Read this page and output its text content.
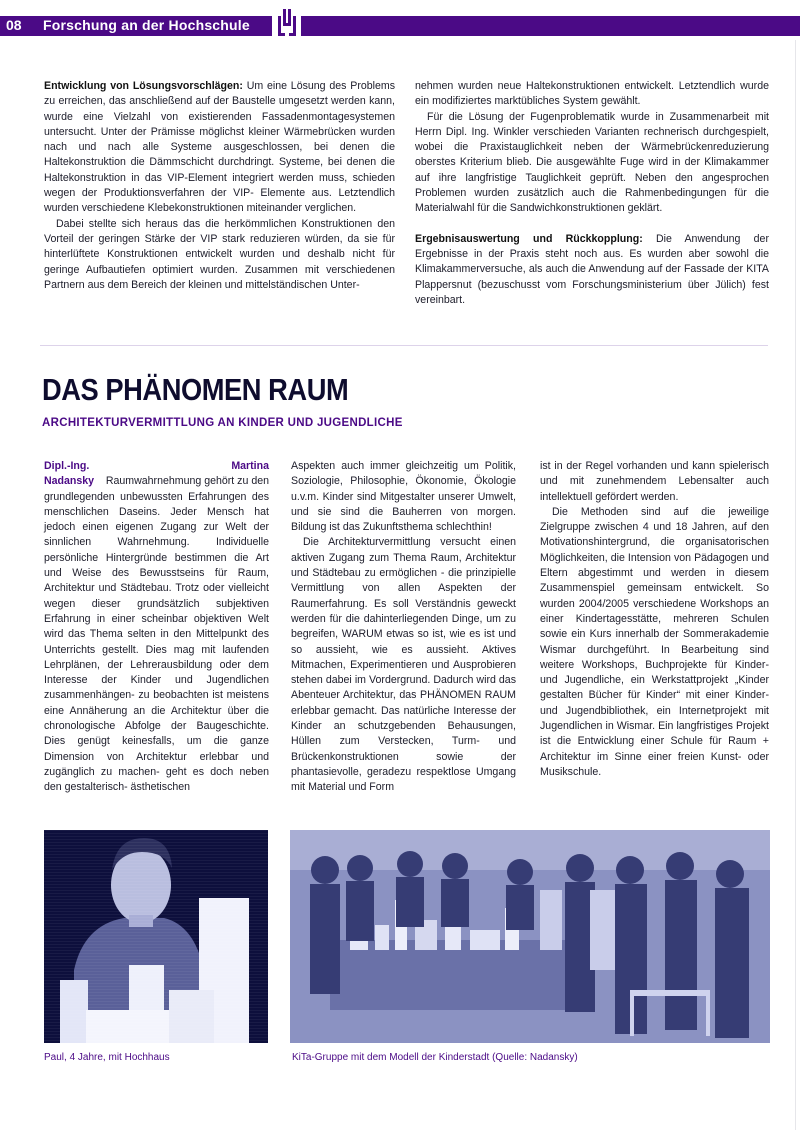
08 Forschung an der Hochschule

Entwicklung von Lösungsvorschlägen: Um eine Lösung des Problems zu erreichen, das anschließend auf der Baustelle umgesetzt werden kann, wurde eine Vielzahl von existierenden Fassadenmontagesystemen untersucht. Unter der Prämisse möglichst kleiner Wärmebrücken wurden nach und nach alle Systeme ausgeschlossen, bei denen die Haltekonstruktion die Dämmschicht durchdringt. Systeme, bei denen die Haltekonstruktion in das VIP-Element integriert werden muss, schieden wegen der Produktionsverfahren der VIP- Elemente aus. Letztendlich wurden verschiedene Klebekonstruktionen miteinander verglichen.

Dabei stellte sich heraus das die herkömmlichen Konstruktionen den Vorteil der geringen Stärke der VIP stark reduzieren würden, da sie für hinterlüftete Konstruktionen entwickelt wurden und deshalb nicht für geringe Aufbautiefen optimiert wurden. Zusammen mit verschiedenen Partnern aus dem Bereich der kleinen und mittelständischen Unter-

nehmen wurden neue Haltekonstruktionen entwickelt. Letztendlich wurde ein modifiziertes marktübliches System gewählt.

Für die Lösung der Fugenproblematik wurde in Zusammenarbeit mit Herrn Dipl. Ing. Winkler verschieden Varianten rechnerisch durchgespielt, wobei die Praxistauglichkeit neben der Wärmebrückenreduzierung oberstes Kriterium blieb. Die ausgewählte Fuge wird in der Klimakammer auf ihre langfristige Tauglichkeit geprüft. Neben den angesprochen Problemen wurden zusätzlich auch die Rahmenbedingungen für die Materialwahl für die Sandwichkonstruktionen geklärt.

Ergebnisauswertung und Rückkopplung: Die Anwendung der Ergebnisse in der Praxis steht noch aus. Es wurden aber sowohl die Klimakammerversuche, als auch die Anwendung auf der Fassade der KITA Plappersnut (bezuschusst vom Forschungsministerium über Jülich) fest vereinbart.

DAS PHÄNOMEN RAUM
ARCHITEKTURVERMITTLUNG AN KINDER UND JUGENDLICHE

Dipl.-Ing. Martina Nadansky Raumwahrnehmung gehört zu den grundlegenden unbewussten Erfahrungen des menschlichen Daseins. Jeder Mensch hat jedoch einen eigenen Zugang zur Welt der sinnlichen Wahrnehmung. Individuelle persönliche Hintergründe bestimmen die Art und Weise des Bewusstseins für Raum, Architektur und Städtebau. Trotz oder vielleicht wegen dieser grundsätzlich subjektiven Erfahrung in einer scheinbar objektiven Welt wird das Thema selten in den Mittelpunkt des Unterrichts gestellt. Dies mag mit laufenden Lehrplänen, der Lehrerausbildung oder dem Interesse der Kinder und Jugendlichen zusammenhängen- zu beobachten ist meistens eine Annäherung an die Architektur über die chronologische Abfolge der Baugeschichte. Dies genügt keinesfalls, um die ganze Dimension von Architektur erlebbar und zugänglich zu machen- geht es doch neben den gestalterisch- ästhetischen

Aspekten auch immer gleichzeitig um Politik, Soziologie, Philosophie, Ökonomie, Ökologie u.v.m. Kinder sind Mitgestalter unserer Umwelt, und sie sind die Bauherren von morgen. Bildung ist das Zukunftsthema schlechthin!

Die Architekturvermittlung versucht einen aktiven Zugang zum Thema Raum, Architektur und Städtebau zu ermöglichen - die prinzipielle Vermittlung von allen Aspekten der Raumerfahrung. Es soll Verständnis geweckt werden für die dahinterliegenden Dinge, um zu begreifen, WARUM etwas so ist, wie es ist und so aussieht, wie es aussieht. Aktives Mitmachen, Experimentieren und Ausprobieren stehen dabei im Vordergrund. Dadurch wird das Abenteuer Architektur, das PHÄNOMEN RAUM erlebbar gemacht. Das natürliche Interesse der Kinder an schutzgebenden Behausungen, Hüllen zum Verstecken, Turm- und Brückenkonstruktionen sowie der phantasievolle, geradezu respektlose Umgang mit Material und Form

ist in der Regel vorhanden und kann spielerisch und mit zunehmendem Lebensalter auch intellektuell gefördert werden.

Die Methoden sind auf die jeweilige Zielgruppe zwischen 4 und 18 Jahren, auf den Motivationshintergrund, die organisatorischen Möglichkeiten, die Intension von Pädagogen und Eltern abgestimmt und werden in diesem Zusammenspiel gemeinsam entwickelt. So wurden 2004/2005 verschiedene Workshops an einer Kindertagesstätte, mehreren Schulen sowie ein Kurs innerhalb der Sommerakademie Wismar durchgeführt. In Bearbeitung sind weitere Workshops, Buchprojekte für Kinder- und Jugendliche, ein Werkstattprojekt „Kinder gestalten Bücher für Kinder“ mit einer Kinder- und Jugendbibliothek, ein Internetprojekt mit Jugendlichen in Wismar. Ein langfristiges Projekt ist die Entwicklung einer Schule für Raum + Architektur im Sinne einer freien Kunst- oder Musikschule.

Paul, 4 Jahre, mit Hochhaus	KiTa-Gruppe mit dem Modell der Kinderstadt (Quelle: Nadansky)
